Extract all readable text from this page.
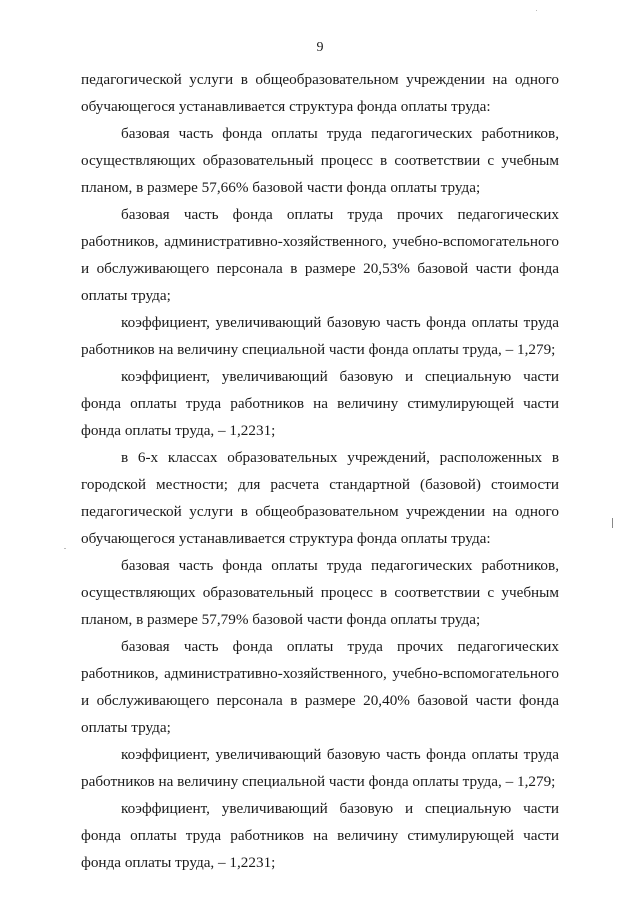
9

педагогической услуги в общеобразовательном учреждении на одного обучающегося устанавливается структура фонда оплаты труда:

базовая часть фонда оплаты труда педагогических работников, осуществляющих образовательный процесс в соответствии с учебным планом, в размере 57,66% базовой части фонда оплаты труда;

базовая часть фонда оплаты труда прочих педагогических работников, административно-хозяйственного, учебно-вспомогательного и обслуживающего персонала в размере 20,53% базовой части фонда оплаты труда;

коэффициент, увеличивающий базовую часть фонда оплаты труда работников на величину специальной части фонда оплаты труда, – 1,279;

коэффициент, увеличивающий базовую и специальную части фонда оплаты труда работников на величину стимулирующей части фонда оплаты труда, – 1,2231;

в 6-х классах образовательных учреждений, расположенных в городской местности; для расчета стандартной (базовой) стоимости педагогической услуги в общеобразовательном учреждении на одного обучающегося устанавливается структура фонда оплаты труда:

базовая часть фонда оплаты труда педагогических работников, осуществляющих образовательный процесс в соответствии с учебным планом, в размере 57,79% базовой части фонда оплаты труда;

базовая часть фонда оплаты труда прочих педагогических работников, административно-хозяйственного, учебно-вспомогательного и обслуживающего персонала в размере 20,40% базовой части фонда оплаты труда;

коэффициент, увеличивающий базовую часть фонда оплаты труда работников на величину специальной части фонда оплаты труда, – 1,279;

коэффициент, увеличивающий базовую и специальную части фонда оплаты труда работников на величину стимулирующей части фонда оплаты труда, – 1,2231;
